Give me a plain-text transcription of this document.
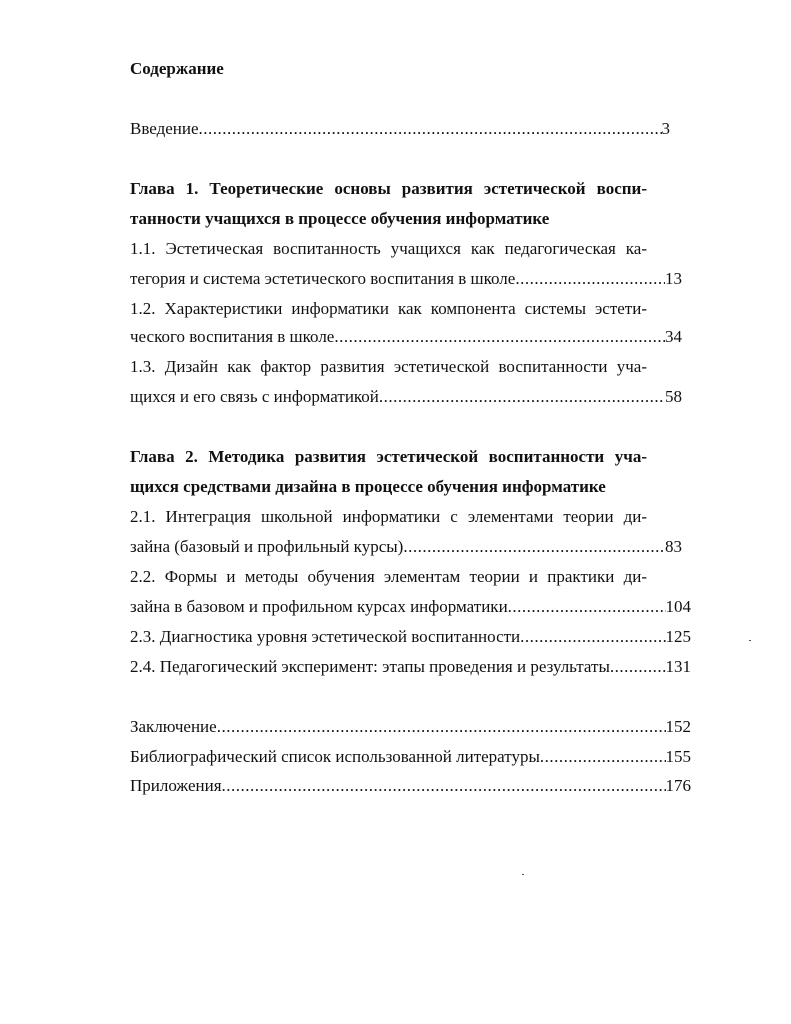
Содержание
Введение .....	3
Глава 1. Теоретические основы развития эстетической воспи-
танности учащихся в процессе обучения информатике
1.1. Эстетическая воспитанность учащихся как педагогическая ка-
тегория и система эстетического воспитания в школе .....	13
1.2. Характеристики информатики как компонента системы эстети-
ческого воспитания в школе .....	34
1.3. Дизайн как фактор развития эстетической воспитанности уча-
щихся и его связь с информатикой .....	58
Глава 2. Методика развития эстетической воспитанности уча-
щихся средствами дизайна в процессе обучения информатике
2.1. Интеграция школьной информатики с элементами теории ди-
зайна (базовый и профильный курсы) .....	83
2.2. Формы и методы обучения элементам теории и практики ди-
зайна в базовом и профильном курсах информатики .....	104
2.3. Диагностика уровня эстетической воспитанности .....	125
2.4. Педагогический эксперимент: этапы проведения и результаты .....	131
Заключение .....	152
Библиографический список использованной литературы .....	155
Приложения .....	176
